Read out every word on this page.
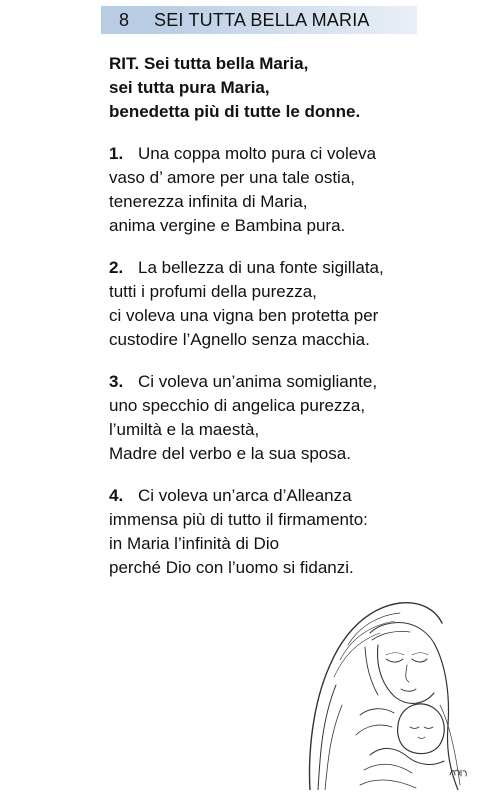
8	SEI TUTTA BELLA MARIA
RIT. Sei tutta bella Maria,
sei tutta pura Maria,
benedetta più di tutte le donne.
1. Una coppa molto pura ci voleva
vaso d’ amore per una tale ostia,
tenerezza infinita di Maria,
anima vergine e Bambina pura.
2. La bellezza di una fonte sigillata,
tutti i profumi della purezza,
ci voleva una vigna ben protetta per
custodire l’Agnello senza macchia.
3. Ci voleva un’anima somigliante,
uno specchio di angelica purezza,
l’umiltà e la maestà,
Madre del verbo e la sua sposa.
4. Ci voleva un’arca d’Alleanza
immensa più di tutto il firmamento:
in Maria l’infinità di Dio
perché Dio con l’uomo si fidanzi.
